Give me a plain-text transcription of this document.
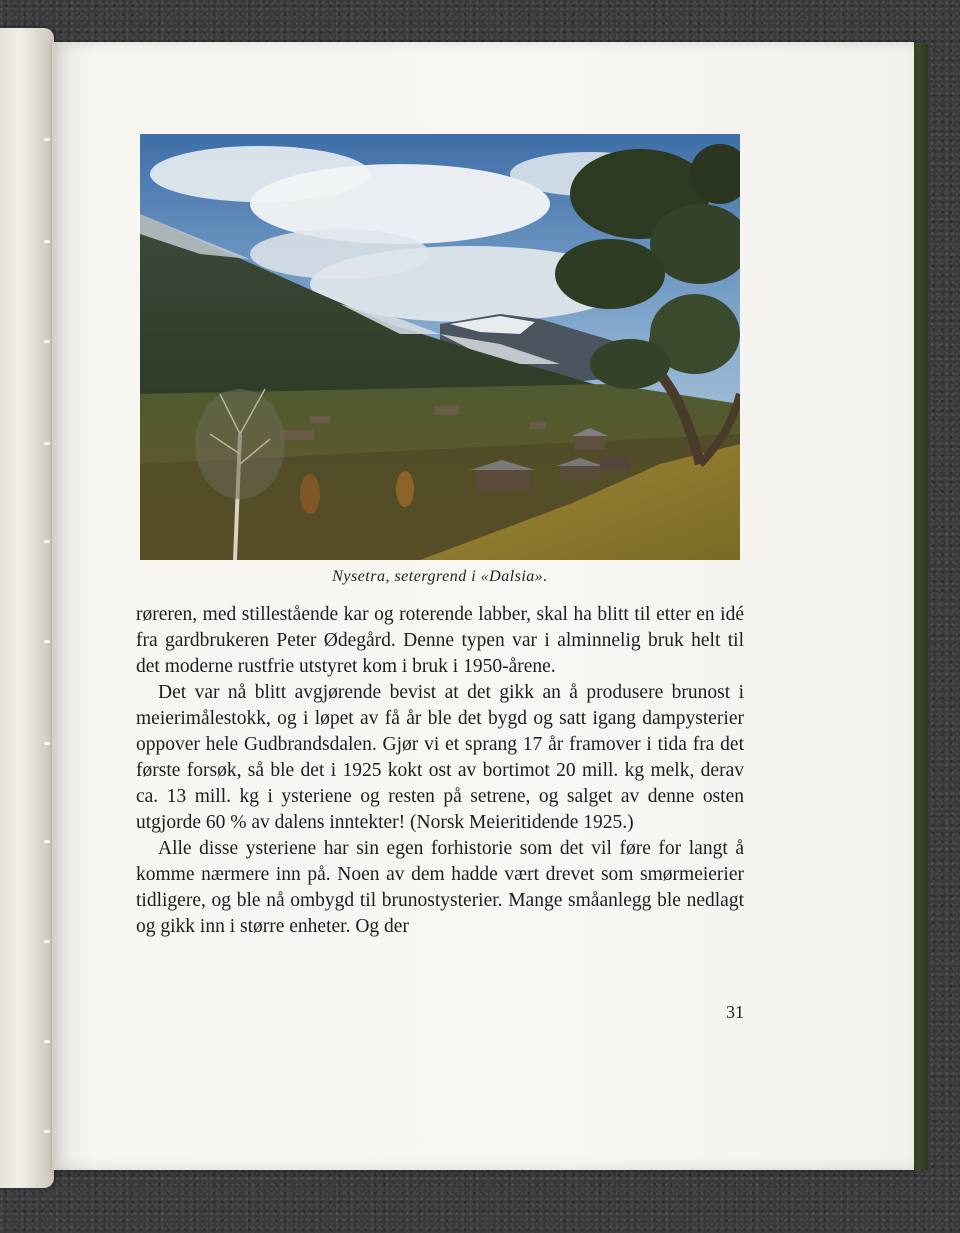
Nysetra, setergrend i «Dalsia».

røreren, med stillestående kar og roterende labber, skal ha blitt til etter en idé fra gardbrukeren Peter Ødegård. Denne typen var i alminnelig bruk helt til det moderne rustfrie utstyret kom i bruk i 1950-årene.

Det var nå blitt avgjørende bevist at det gikk an å produsere brunost i meierimålestokk, og i løpet av få år ble det bygd og satt igang dampysterier oppover hele Gudbrandsdalen. Gjør vi et sprang 17 år framover i tida fra det første forsøk, så ble det i 1925 kokt ost av bortimot 20 mill. kg melk, derav ca. 13 mill. kg i ysteriene og resten på setrene, og salget av denne osten utgjorde 60 % av dalens inntekter! (Norsk Meieritidende 1925.)

Alle disse ysteriene har sin egen forhistorie som det vil føre for langt å komme nærmere inn på. Noen av dem hadde vært drevet som smørmeierier tidligere, og ble nå ombygd til brunostysterier. Mange småanlegg ble nedlagt og gikk inn i større enheter. Og der

31
